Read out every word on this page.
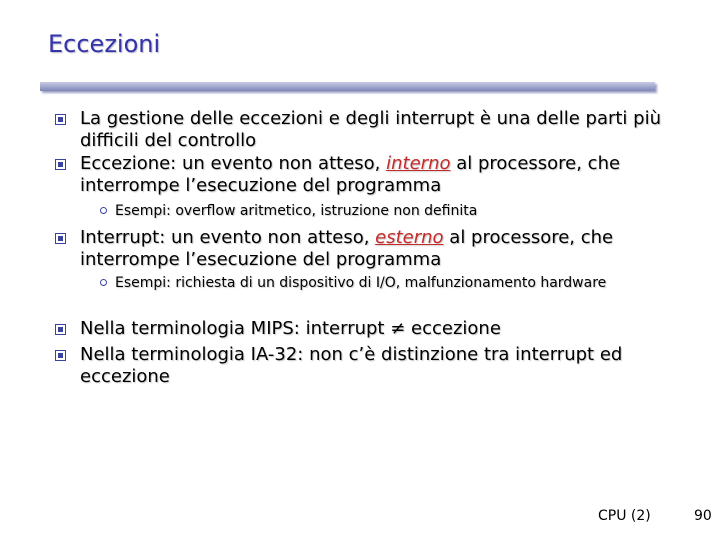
Eccezioni
La gestione delle eccezioni e degli interrupt è una delle parti più difficili del controllo
Eccezione: un evento non atteso, interno al processore, che interrompe l’esecuzione del programma
Esempi: overflow aritmetico, istruzione non definita
Interrupt: un evento non atteso, esterno al processore, che interrompe l’esecuzione del programma
Esempi: richiesta di un dispositivo di I/O, malfunzionamento hardware
Nella terminologia MIPS: interrupt ≠ eccezione
Nella terminologia IA-32: non c’è distinzione tra interrupt ed eccezione
CPU (2)	90
